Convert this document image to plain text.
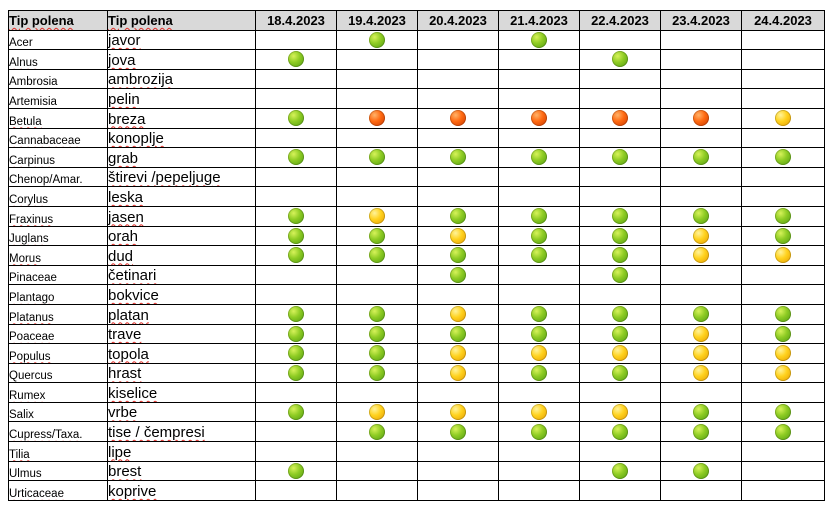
Tip polena	Tip polena	18.4.2023	19.4.2023	20.4.2023	21.4.2023	22.4.2023	23.4.2023	24.4.2023
Acer	javor							
Alnus	jova							
Ambrosia	ambrozija							
Artemisia	pelin							
Betula	breza							
Cannabaceae	konoplje							
Carpinus	grab							
Chenop/Amar.	štirevi /pepeljuge							
Corylus	leska							
Fraxinus	jasen							
Juglans	orah							
Morus	dud							
Pinaceae	četinari							
Plantago	bokvice							
Platanus	platan							
Poaceae	trave							
Populus	topola							
Quercus	hrast							
Rumex	kiselice							
Salix	vrbe							
Cupress/Taxa.	tise / čempresi							
Tilia	lipe							
Ulmus	brest							
Urticaceae	koprive							
